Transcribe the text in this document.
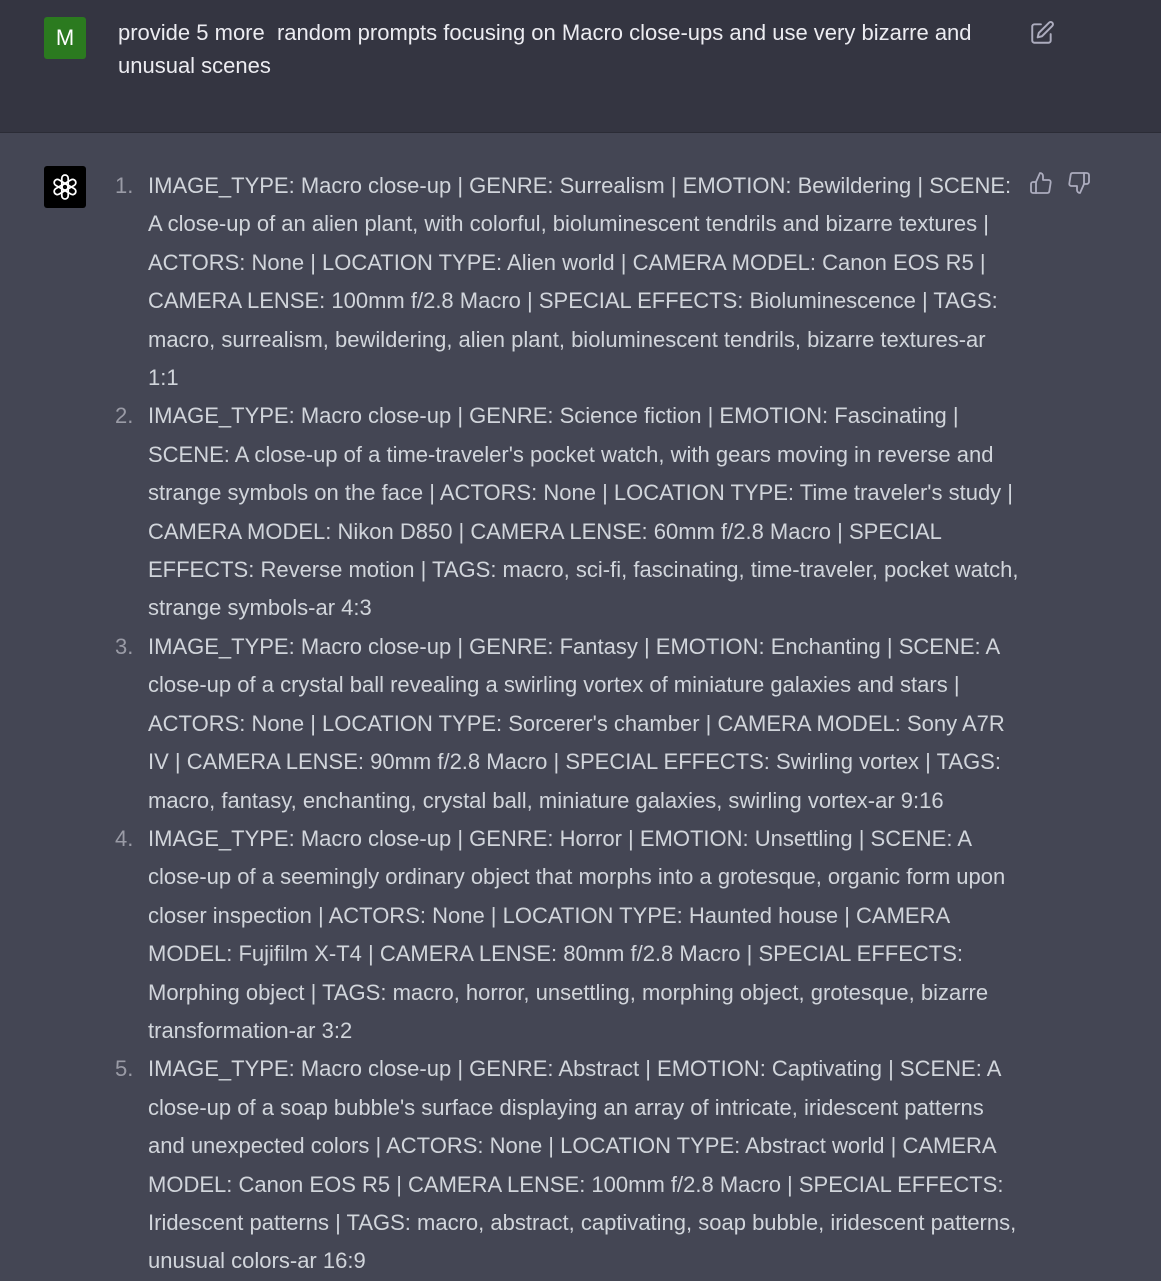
M	provide 5 more  random prompts focusing on Macro close-ups and use very bizarre and unusual scenes
1. IMAGE_TYPE: Macro close-up | GENRE: Surrealism | EMOTION: Bewildering | SCENE: A close-up of an alien plant, with colorful, bioluminescent tendrils and bizarre textures | ACTORS: None | LOCATION TYPE: Alien world | CAMERA MODEL: Canon EOS R5 | CAMERA LENSE: 100mm f/2.8 Macro | SPECIAL EFFECTS: Bioluminescence | TAGS: macro, surrealism, bewildering, alien plant, bioluminescent tendrils, bizarre textures-ar 1:1
2. IMAGE_TYPE: Macro close-up | GENRE: Science fiction | EMOTION: Fascinating | SCENE: A close-up of a time-traveler's pocket watch, with gears moving in reverse and strange symbols on the face | ACTORS: None | LOCATION TYPE: Time traveler's study | CAMERA MODEL: Nikon D850 | CAMERA LENSE: 60mm f/2.8 Macro | SPECIAL EFFECTS: Reverse motion | TAGS: macro, sci-fi, fascinating, time-traveler, pocket watch, strange symbols-ar 4:3
3. IMAGE_TYPE: Macro close-up | GENRE: Fantasy | EMOTION: Enchanting | SCENE: A close-up of a crystal ball revealing a swirling vortex of miniature galaxies and stars | ACTORS: None | LOCATION TYPE: Sorcerer's chamber | CAMERA MODEL: Sony A7R IV | CAMERA LENSE: 90mm f/2.8 Macro | SPECIAL EFFECTS: Swirling vortex | TAGS: macro, fantasy, enchanting, crystal ball, miniature galaxies, swirling vortex-ar 9:16
4. IMAGE_TYPE: Macro close-up | GENRE: Horror | EMOTION: Unsettling | SCENE: A close-up of a seemingly ordinary object that morphs into a grotesque, organic form upon closer inspection | ACTORS: None | LOCATION TYPE: Haunted house | CAMERA MODEL: Fujifilm X-T4 | CAMERA LENSE: 80mm f/2.8 Macro | SPECIAL EFFECTS: Morphing object | TAGS: macro, horror, unsettling, morphing object, grotesque, bizarre transformation-ar 3:2
5. IMAGE_TYPE: Macro close-up | GENRE: Abstract | EMOTION: Captivating | SCENE: A close-up of a soap bubble's surface displaying an array of intricate, iridescent patterns and unexpected colors | ACTORS: None | LOCATION TYPE: Abstract world | CAMERA MODEL: Canon EOS R5 | CAMERA LENSE: 100mm f/2.8 Macro | SPECIAL EFFECTS: Iridescent patterns | TAGS: macro, abstract, captivating, soap bubble, iridescent patterns, unusual colors-ar 16:9
